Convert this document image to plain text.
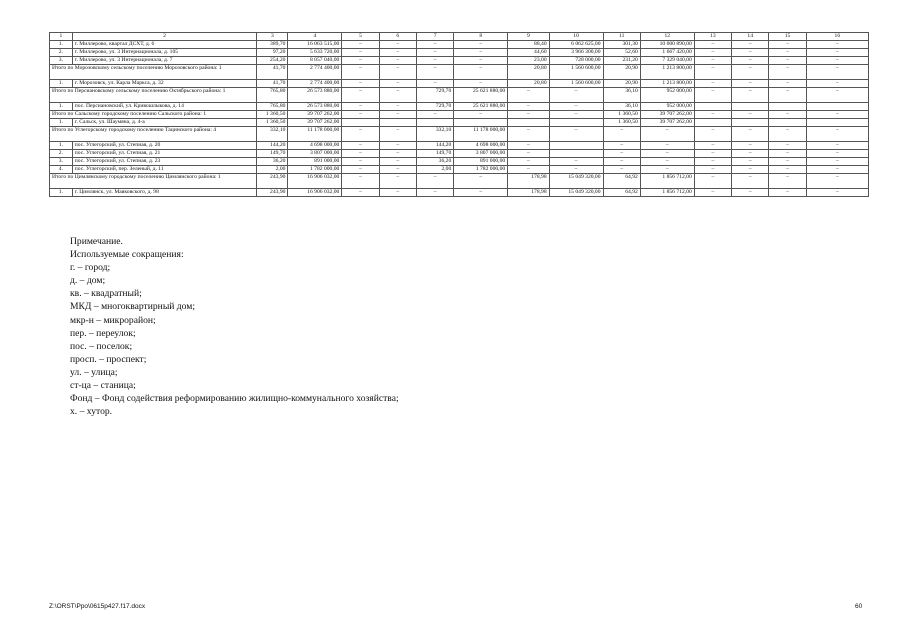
1	2	3	4	5	6	7	8	9	10	11	12	13	14	15	16
1.	г. Миллерово, квартал ДСХТ, д. 6	389,70	16 063 515,00	–	–	–	–	88,40	6 062 625,00	301,30	10 000 890,00	–	–	–	–
2.	г. Миллерово, ул. 3 Интернационала, д. 105	97,20	5 633 720,00	–	–	–	–	44,60	3 966 300,00	52,60	1 667 420,00	–	–	–	–
3.	г. Миллерово, ул. 3 Интернационала, д. 7	254,20	8 057 040,00	–	–	–	–	23,00	728 000,00	231,20	7 329 040,00	–	–	–	–
Итого по Морозовскому сельскому поселению Морозовского района: 1		41,70	2 774 400,00	–	–	–	–	20,80	1 560 600,00	20,90	1 213 800,00	–	–	–	–
1.	г. Морозовск, ул. Карла Маркса, д. 32	41,70	2 774 400,00	–	–	–	–	20,80	1 560 600,00	20,90	1 213 800,00	–	–	–	–
Итого по Персиановскому сельскому поселению Октябрьского района: 1		765,80	26 573 880,00	–	–	729,70	25 621 880,00	–	–	36,10	952 000,00	–	–	–	–
1.	пос. Персиановский, ул. Кривошлыкова, д. 14	765,80	26 573 880,00	–	–	729,70	25 621 880,00	–	–	36,10	952 000,00				
Итого по Сальскому городскому поселению Сальского района: 1		1 360,50	39 707 262,00	–	–	–	–	–	–	1 360,50	39 707 262,00	–	–	–	–
1.	г. Сальск, ул. Шаумяна, д. 4-а	1 360,50	39 707 262,00							1 360,50	39 707 262,00				
Итого по Углегорскому городскому поселению Тацинского района: 4		332,10	11 178 000,00	–	–	332,10	11 178 000,00	–	–	–	–	–	–	–	–
1.	пос. Углегорский, ул. Степная, д. 20	144,20	4 698 000,00	–	–	144,20	4 698 000,00	–		–	–	–	–	–	–
2.	пос. Углегорский, ул. Степная, д. 21	149,70	3 807 000,00	–	–	149,70	3 807 000,00	–		–	–	–	–	–	–
3.	пос. Углегорский, ул. Степная, д. 23	36,20	891 000,00	–	–	36,20	891 000,00	–	–	–	–	–	–	–	–
4.	пос. Углегорский, пер. Зеленый, д. 11	2,00	1 782 000,00	–	–	2,00	1 782 000,00	–	–	–	–	–	–	–	–
Итого по Цимлянскому городскому поселению Цимлянского района: 1		243,90	16 906 032,00	–	–	–	–	178,98	15 049 320,00	64,92	1 856 712,00	–	–	–	–
1.	г. Цимлянск, ул. Маяковского, д. 98	243,90	16 906 032,00	–	–	–	–	178,98	15 049 320,00	64,92	1 856 712,00	–	–	–	–
Примечание.
Используемые сокращения:
г. – город;
д. – дом;
кв. – квадратный;
МКД – многоквартирный дом;
мкр-н – микрорайон;
пер. – переулок;
пос. – поселок;
просп. – проспект;
ул. – улица;
ст-ца – станица;
Фонд – Фонд содействия реформированию жилищно-коммунального хозяйства;
х. – хутор.
Z:\ORST\Ppo\0615p427.f17.docx	60
